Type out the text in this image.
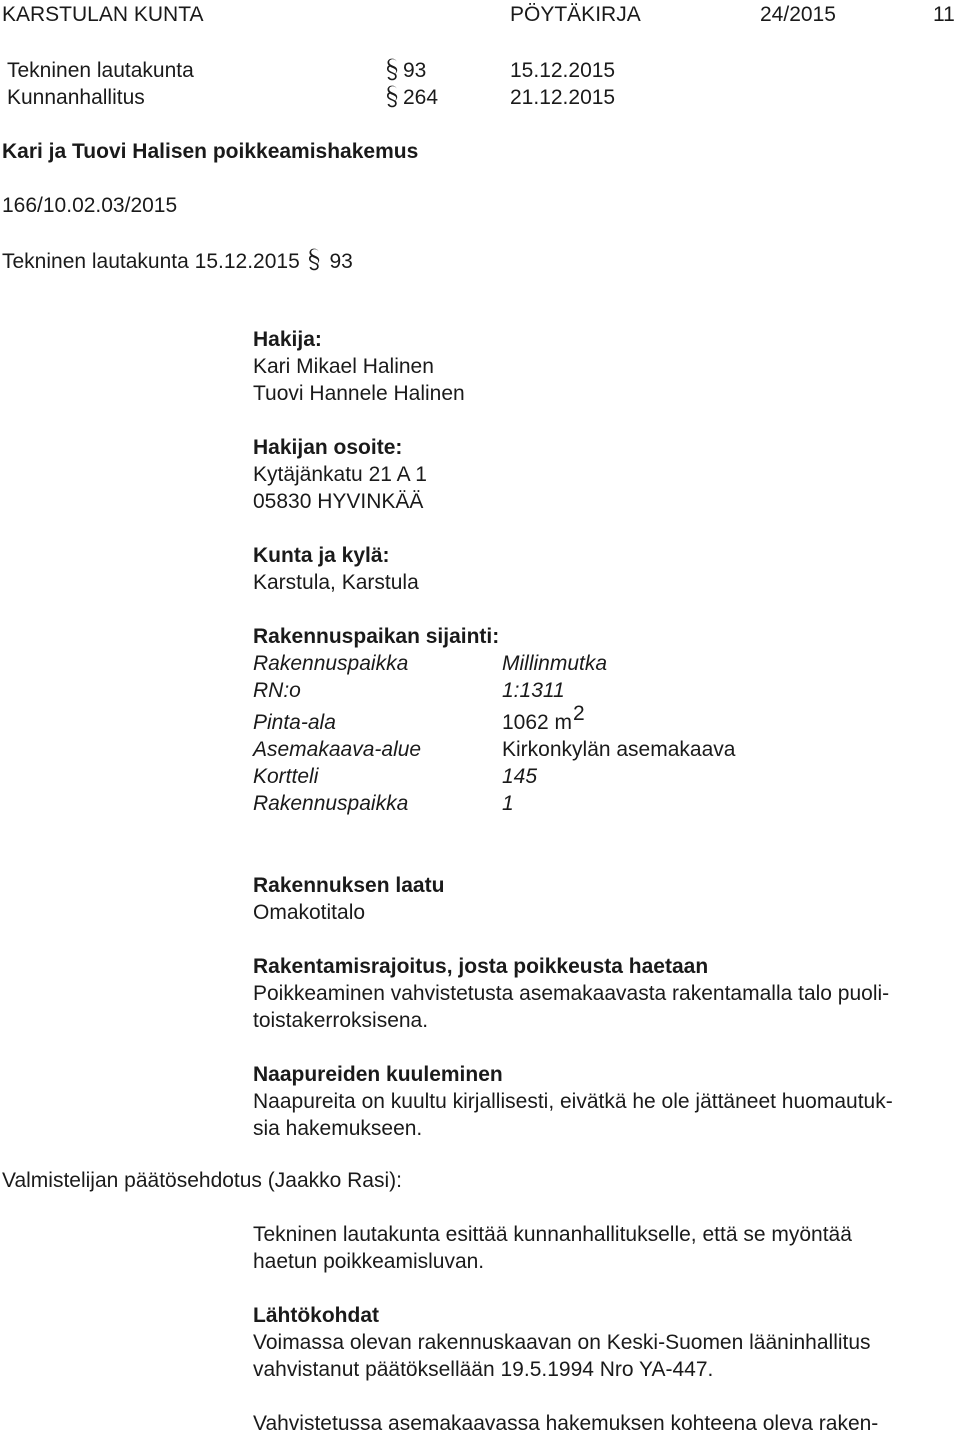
KARSTULAN KUNTA	PÖYTÄKIRJA	24/2015	11
Tekninen lautakunta	93	15.12.2015
Kunnanhallitus	264	21.12.2015
Kari ja Tuovi Halisen poikkeamishakemus
166/10.02.03/2015
Tekninen lautakunta 15.12.2015 93
Hakija:
Kari Mikael Halinen
Tuovi Hannele Halinen
Hakijan osoite:
Kytäjänkatu 21 A 1
05830 HYVINKÄÄ
Kunta ja kylä:
Karstula, Karstula
Rakennuspaikan sijainti:
Rakennuspaikka	Millinmutka
RN:o	1:1311
Pinta-ala	1062 $m^2$
Asemakaava-alue	Kirkonkylän asemakaava
Kortteli	145
Rakennuspaikka	1
Rakennuksen laatu
Omakotitalo
Rakentamisrajoitus, josta poikkeusta haetaan
Poikkeaminen vahvistetusta asemakaavasta rakentamalla talo puoli-
toistakerroksisena.
Naapureiden kuuleminen
Naapureita on kuultu kirjallisesti, eivätkä he ole jättäneet huomautuk-
sia hakemukseen.
Valmistelijan päätösehdotus (Jaakko Rasi):
Tekninen lautakunta esittää kunnanhallitukselle, että se myöntää
haetun poikkeamisluvan.
Lähtökohdat
Voimassa olevan rakennuskaavan on Keski-Suomen lääninhallitus
vahvistanut päätöksellään 19.5.1994 Nro YA-447.
Vahvistetussa asemakaavassa hakemuksen kohteena oleva raken-
